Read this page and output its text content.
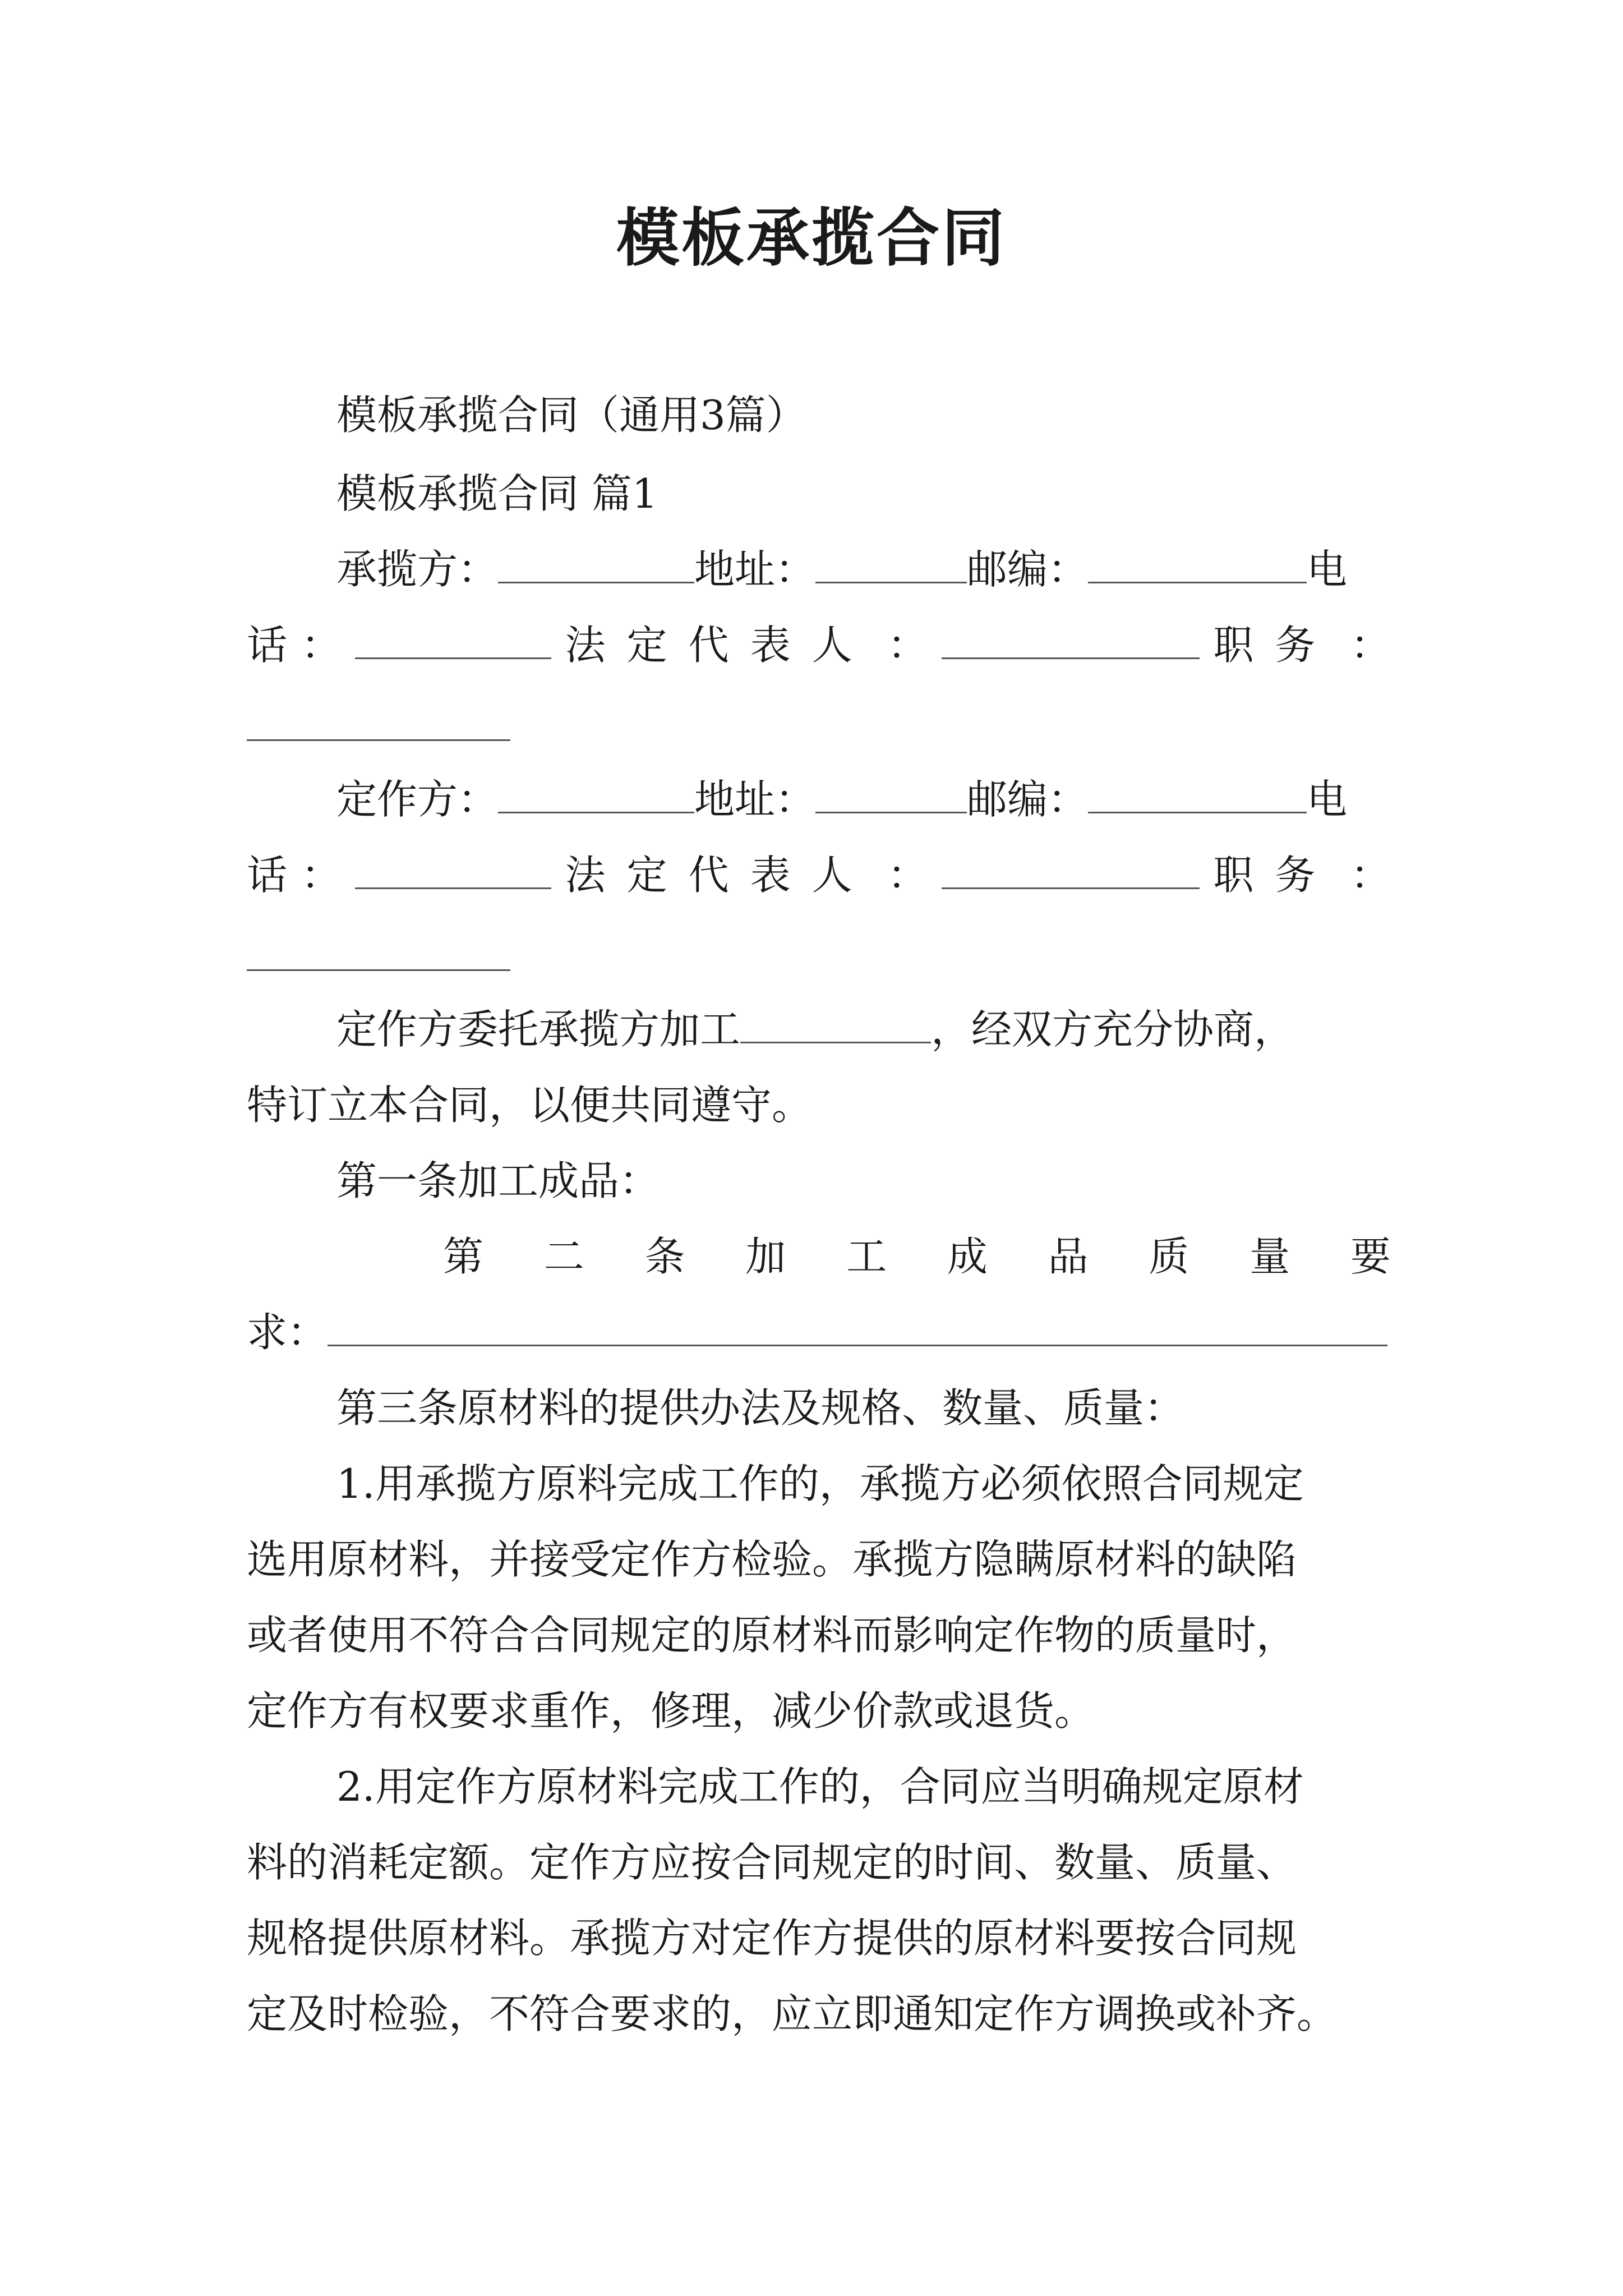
模板承揽合同
模板承揽合同（通用3篇）
模板承揽合同 篇1
承揽方：	地址：	邮编：	电
话 ：	法定代表人 ：	职务 ：
定作方：	地址：	邮编：	电
话 ：	法定代表人 ：	职务 ：
定作方委托承揽方加工	，经双方充分协商，
特订立本合同，以便共同遵守。
第一条加工成品：
第 二 条 加 工 成 品 质 量 要
求：
第三条原材料的提供办法及规格、数量、质量：
1.用承揽方原料完成工作的，承揽方必须依照合同规定
选用原材料，并接受定作方检验。承揽方隐瞒原材料的缺陷
或者使用不符合合同规定的原材料而影响定作物的质量时，
定作方有权要求重作，修理，减少价款或退货。
2.用定作方原材料完成工作的，合同应当明确规定原材
料的消耗定额。定作方应按合同规定的时间、数量、质量、
规格提供原材料。承揽方对定作方提供的原材料要按合同规
定及时检验，不符合要求的，应立即通知定作方调换或补齐。
